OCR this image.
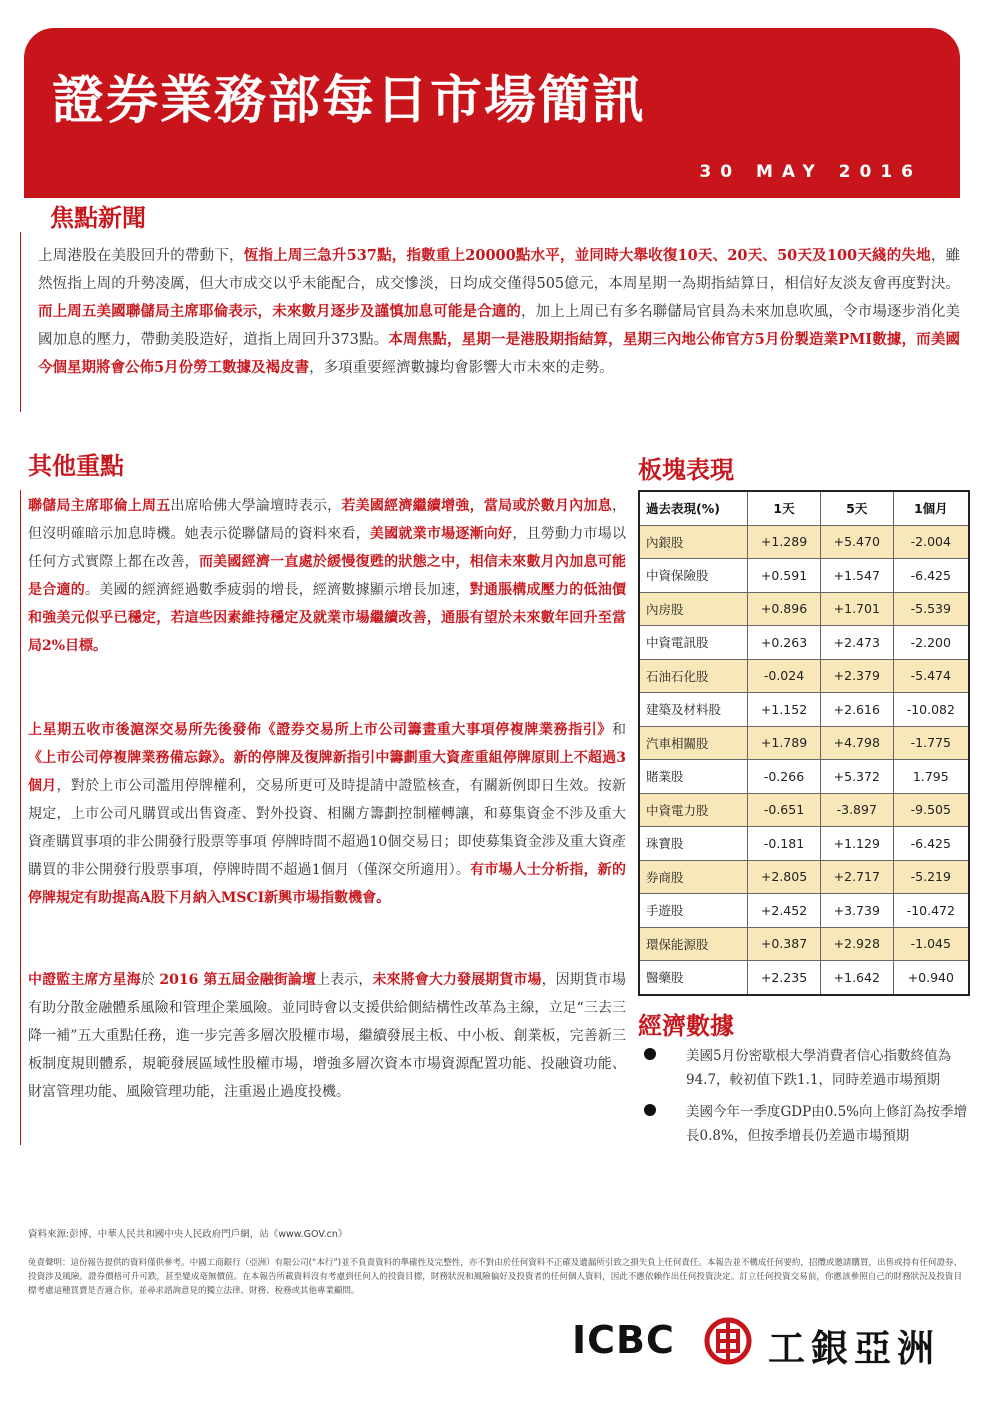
證券業務部每日市場簡訊
30 MAY 2016
焦點新聞
上周港股在美股回升的帶動下，恆指上周三急升537點，指數重上20000點水平，並同時大舉收復10天、20天、50天及100天綫的失地，雖然恆指上周的升勢凌厲，但大市成交以乎未能配合，成交慘淡，日均成交僅得505億元，本周星期一為期指結算日，相信好友淡友會再度對決。而上周五美國聯儲局主席耶倫表示，未來數月逐步及謹慎加息可能是合適的，加上上周已有多名聯儲局官員為未來加息吹風，令市場逐步消化美國加息的壓力，帶動美股造好，道指上周回升373點。本周焦點，星期一是港股期指結算，星期三內地公佈官方5月份製造業PMI數據，而美國今個星期將會公佈5月份勞工數據及褐皮書，多項重要經濟數據均會影響大市未來的走勢。
其他重點
聯儲局主席耶倫上周五出席哈佛大學論壇時表示，若美國經濟繼續增強，當局或於數月內加息，但沒明確暗示加息時機。她表示從聯儲局的資料來看，美國就業市場逐漸向好，且勞動力市場以任何方式實際上都在改善，而美國經濟一直處於緩慢復甦的狀態之中，相信未來數月內加息可能是合適的。美國的經濟經過數季疲弱的增長，經濟數據顯示增長加速，對通脹構成壓力的低油價和強美元似乎已穩定，若這些因素維持穩定及就業市場繼續改善，通脹有望於未來數年回升至當局2%目標。
上星期五收市後滬深交易所先後發佈《證券交易所上市公司籌畫重大事項停複牌業務指引》和《上市公司停複牌業務備忘錄》。新的停牌及復牌新指引中籌劃重大資產重組停牌原則上不超過3個月，對於上市公司濫用停牌權利，交易所更可及時提請中證監核查，有關新例即日生效。按新規定，上市公司凡購買或出售資產、對外投資、相關方籌劃控制權轉讓，和募集資金不涉及重大資產購買事項的非公開發行股票等事項 停牌時間不超過10個交易日；即使募集資金涉及重大資產購買的非公開發行股票事項，停牌時間不超過1個月（僅深交所適用）。有市場人士分析指，新的停牌規定有助提高A股下月納入MSCI新興市場指數機會。
中證監主席方星海於 2016 第五屆金融街論壇上表示，未來將會大力發展期貨市場，因期貨市場有助分散金融體系風險和管理企業風險。並同時會以支援供給側結構性改革為主線，立足“三去三降一補”五大重點任務，進一步完善多層次股權市場，繼續發展主板、中小板、創業板，完善新三板制度規則體系，規範發展區域性股權市場，增強多層次資本市場資源配置功能、投融資功能、財富管理功能、風險管理功能，注重遏止過度投機。
板塊表現
過去表現(%)	1天	5天	1個月
內銀股	+1.289	+5.470	-2.004
中資保險股	+0.591	+1.547	-6.425
內房股	+0.896	+1.701	-5.539
中資電訊股	+0.263	+2.473	-2.200
石油石化股	-0.024	+2.379	-5.474
建築及材料股	+1.152	+2.616	-10.082
汽車相關股	+1.789	+4.798	-1.775
賭業股	-0.266	+5.372	1.795
中資電力股	-0.651	-3.897	-9.505
珠寶股	-0.181	+1.129	-6.425
券商股	+2.805	+2.717	-5.219
手遊股	+2.452	+3.739	-10.472
環保能源股	+0.387	+2.928	-1.045
醫藥股	+2.235	+1.642	+0.940
經濟數據
美國5月份密歇根大學消費者信心指數終值為94.7，較初值下跌1.1，同時差過市場預期
美國今年一季度GDP由0.5%向上修訂為按季增長0.8%，但按季增長仍差過市場預期
資料來源:彭博、中華人民共和國中央人民政府門戶網，站《www.GOV.cn》
免責聲明：這份報告提供的資料僅供參考。中國工商銀行（亞洲）有限公司(“本行”)並不負責資料的準確性及完整性，亦不對由於任何資料不正確及遺漏所引致之損失負上任何責任。本報告並不構成任何要約，招攬或邀請購買，出售或持有任何證券、投資涉及風險。證券價格可升可跌，甚至變成毫無價值。在本報告所載資料沒有考慮到任何人的投資目標，財務狀況和風險偏好及投資者的任何個人資料，因此不應依賴作出任何投資決定。訂立任何投資交易前，你應該參照自己的財務狀況及投資目標考慮這種買賣是否適合你，並尋求諮詢意見的獨立法律、財務、稅務或其他專業顧問。
ICBC	工銀亞洲
